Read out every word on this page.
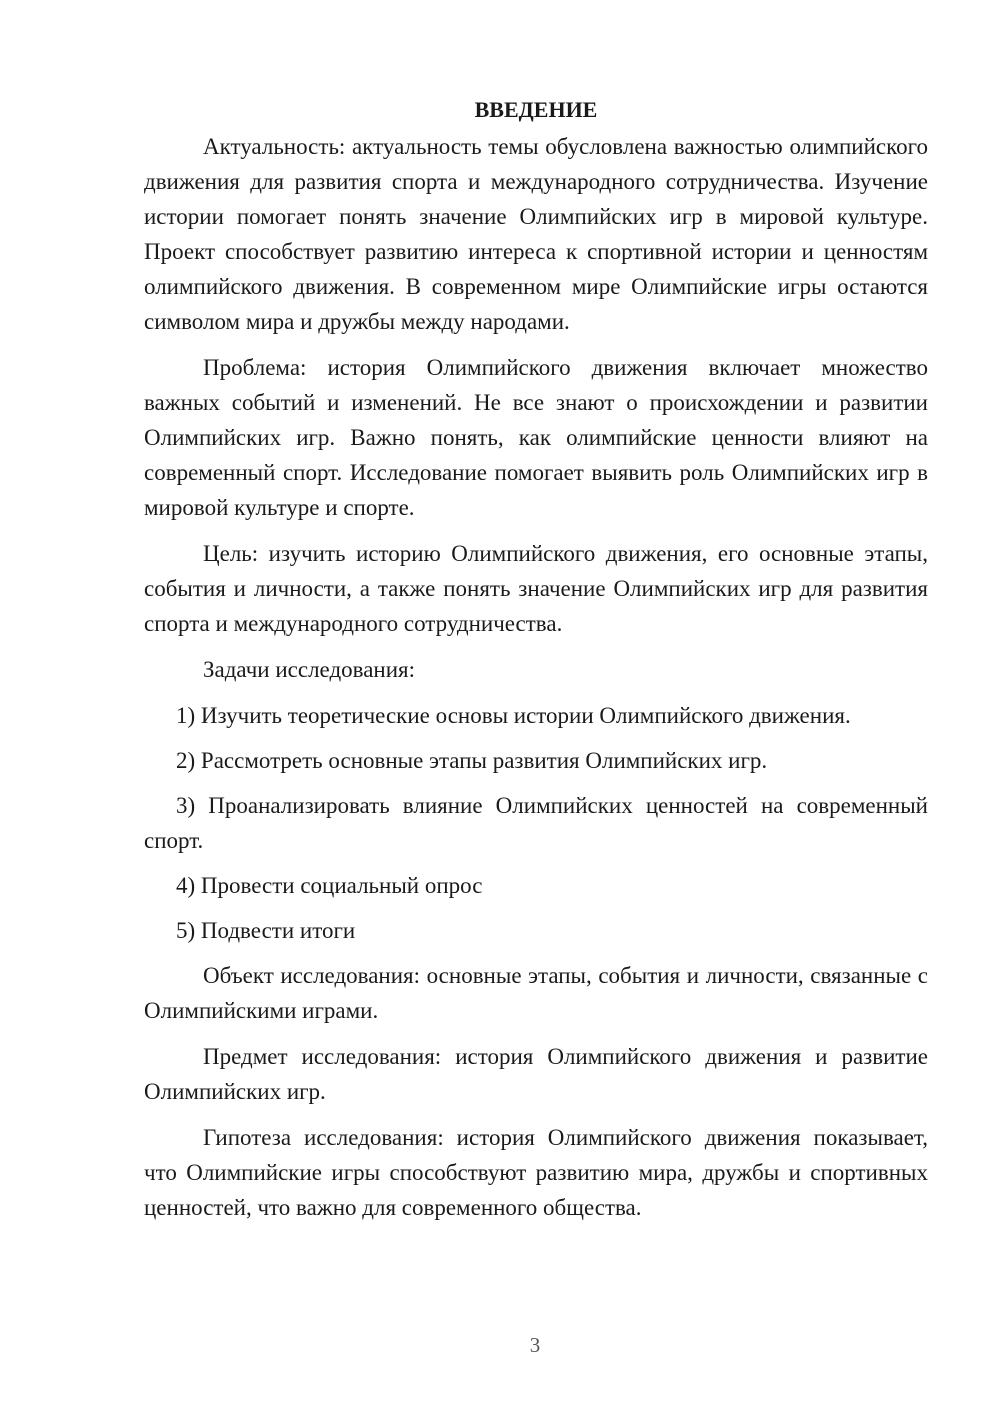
ВВЕДЕНИЕ

Актуальность: актуальность темы обусловлена важностью олимпийского движения для развития спорта и международного сотрудничества. Изучение истории помогает понять значение Олимпийских игр в мировой культуре. Проект способствует развитию интереса к спортивной истории и ценностям олимпийского движения. В современном мире Олимпийские игры остаются символом мира и дружбы между народами.

Проблема: история Олимпийского движения включает множество важных событий и изменений. Не все знают о происхождении и развитии Олимпийских игр. Важно понять, как олимпийские ценности влияют на современный спорт. Исследование помогает выявить роль Олимпийских игр в мировой культуре и спорте.

Цель: изучить историю Олимпийского движения, его основные этапы, события и личности, а также понять значение Олимпийских игр для развития спорта и международного сотрудничества.

Задачи исследования:

1) Изучить теоретические основы истории Олимпийского движения.

2) Рассмотреть основные этапы развития Олимпийских игр.

3) Проанализировать влияние Олимпийских ценностей на современный спорт.

4) Провести социальный опрос

5) Подвести итоги

Объект исследования: основные этапы, события и личности, связанные с Олимпийскими играми.

Предмет исследования: история Олимпийского движения и развитие Олимпийских игр.

Гипотеза исследования: история Олимпийского движения показывает, что Олимпийские игры способствуют развитию мира, дружбы и спортивных ценностей, что важно для современного общества.

3
